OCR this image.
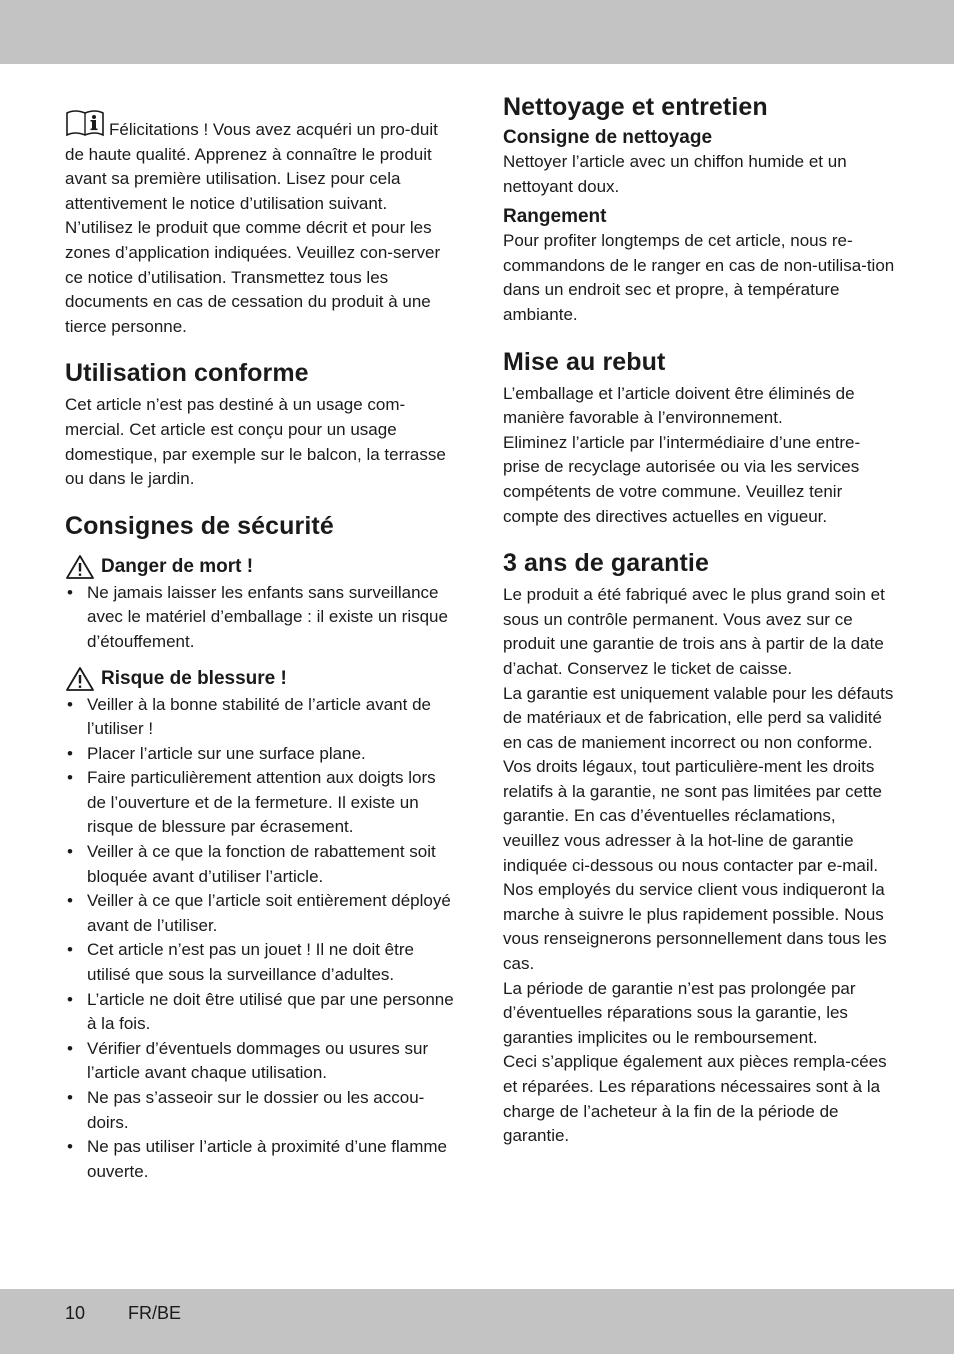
Félicitations ! Vous avez acquéri un pro-duit de haute qualité. Apprenez à connaître le produit avant sa première utilisation. Lisez pour cela attentivement le notice d’utilisation suivant. N’utilisez le produit que comme décrit et pour les zones d’application indiquées. Veuillez con-server ce notice d’utilisation. Transmettez tous les documents en cas de cessation du produit à une tierce personne.

Utilisation conforme

Cet article n’est pas destiné à un usage com-mercial. Cet article est conçu pour un usage domestique, par exemple sur le balcon, la terrasse ou dans le jardin.

Consignes de sécurité
Danger de mort !
• Ne jamais laisser les enfants sans surveillance avec le matériel d’emballage : il existe un risque d’étouffement.
Risque de blessure !
• Veiller à la bonne stabilité de l’article avant de l’utiliser !
• Placer l’article sur une surface plane.
• Faire particulièrement attention aux doigts lors de l’ouverture et de la fermeture. Il existe un risque de blessure par écrasement.
• Veiller à ce que la fonction de rabattement soit bloquée avant d’utiliser l’article.
• Veiller à ce que l’article soit entièrement déployé avant de l’utiliser.
• Cet article n’est pas un jouet ! Il ne doit être utilisé que sous la surveillance d’adultes.
• L’article ne doit être utilisé que par une personne à la fois.
• Vérifier d’éventuels dommages ou usures sur l’article avant chaque utilisation.
• Ne pas s’asseoir sur le dossier ou les accou-doirs.
• Ne pas utiliser l’article à proximité d’une flamme ouverte.
Nettoyage et entretien
Consigne de nettoyage

Nettoyer l’article avec un chiffon humide et un nettoyant doux.

Rangement

Pour profiter longtemps de cet article, nous re-commandons de le ranger en cas de non-utilisa-tion dans un endroit sec et propre, à température ambiante.

Mise au rebut

L’emballage et l’article doivent être éliminés de manière favorable à l’environnement.

Eliminez l’article par l’intermédiaire d’une entre-prise de recyclage autorisée ou via les services compétents de votre commune. Veuillez tenir compte des directives actuelles en vigueur.

3 ans de garantie

Le produit a été fabriqué avec le plus grand soin et sous un contrôle permanent. Vous avez sur ce produit une garantie de trois ans à partir de la date d’achat. Conservez le ticket de caisse.

La garantie est uniquement valable pour les défauts de matériaux et de fabrication, elle perd sa validité en cas de maniement incorrect ou non conforme. Vos droits légaux, tout particulière-ment les droits relatifs à la garantie, ne sont pas limitées par cette garantie. En cas d’éventuelles réclamations, veuillez vous adresser à la hot-line de garantie indiquée ci-dessous ou nous contacter par e-mail. Nos employés du service client vous indiqueront la marche à suivre le plus rapidement possible. Nous vous renseignerons personnellement dans tous les cas.

La période de garantie n’est pas prolongée par d’éventuelles réparations sous la garantie, les garanties implicites ou le remboursement.

Ceci s’applique également aux pièces rempla-cées et réparées. Les réparations nécessaires sont à la charge de l’acheteur à la fin de la période de garantie.

10 FR/BE
